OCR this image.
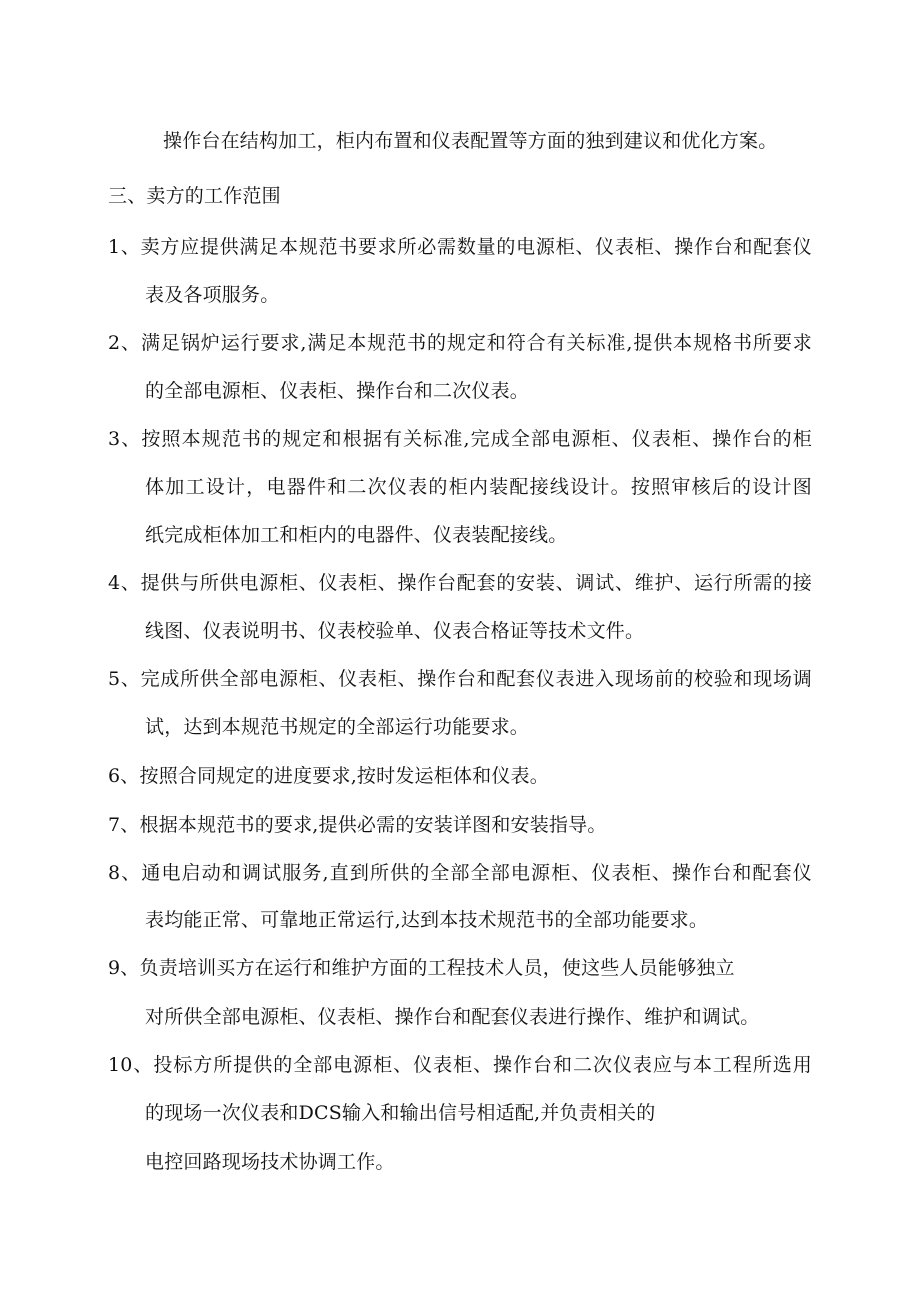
操作台在结构加工，柜内布置和仪表配置等方面的独到建议和优化方案。
三、卖方的工作范围
1、卖方应提供满足本规范书要求所必需数量的电源柜、仪表柜、操作台和配套仪
表及各项服务。
2、满足锅炉运行要求,满足本规范书的规定和符合有关标准,提供本规格书所要求
的全部电源柜、仪表柜、操作台和二次仪表。
3、按照本规范书的规定和根据有关标准,完成全部电源柜、仪表柜、操作台的柜
体加工设计，电器件和二次仪表的柜内装配接线设计。按照审核后的设计图
纸完成柜体加工和柜内的电器件、仪表装配接线。
4、提供与所供电源柜、仪表柜、操作台配套的安装、调试、维护、运行所需的接
线图、仪表说明书、仪表校验单、仪表合格证等技术文件。
5、完成所供全部电源柜、仪表柜、操作台和配套仪表进入现场前的校验和现场调
试，达到本规范书规定的全部运行功能要求。
6、按照合同规定的进度要求,按时发运柜体和仪表。
7、根据本规范书的要求,提供必需的安装详图和安装指导。
8、通电启动和调试服务,直到所供的全部全部电源柜、仪表柜、操作台和配套仪
表均能正常、可靠地正常运行,达到本技术规范书的全部功能要求。
9、负责培训买方在运行和维护方面的工程技术人员，使这些人员能够独立
对所供全部电源柜、仪表柜、操作台和配套仪表进行操作、维护和调试。
10、投标方所提供的全部电源柜、仪表柜、操作台和二次仪表应与本工程所选用
的现场一次仪表和DCS输入和输出信号相适配,并负责相关的
电控回路现场技术协调工作。
